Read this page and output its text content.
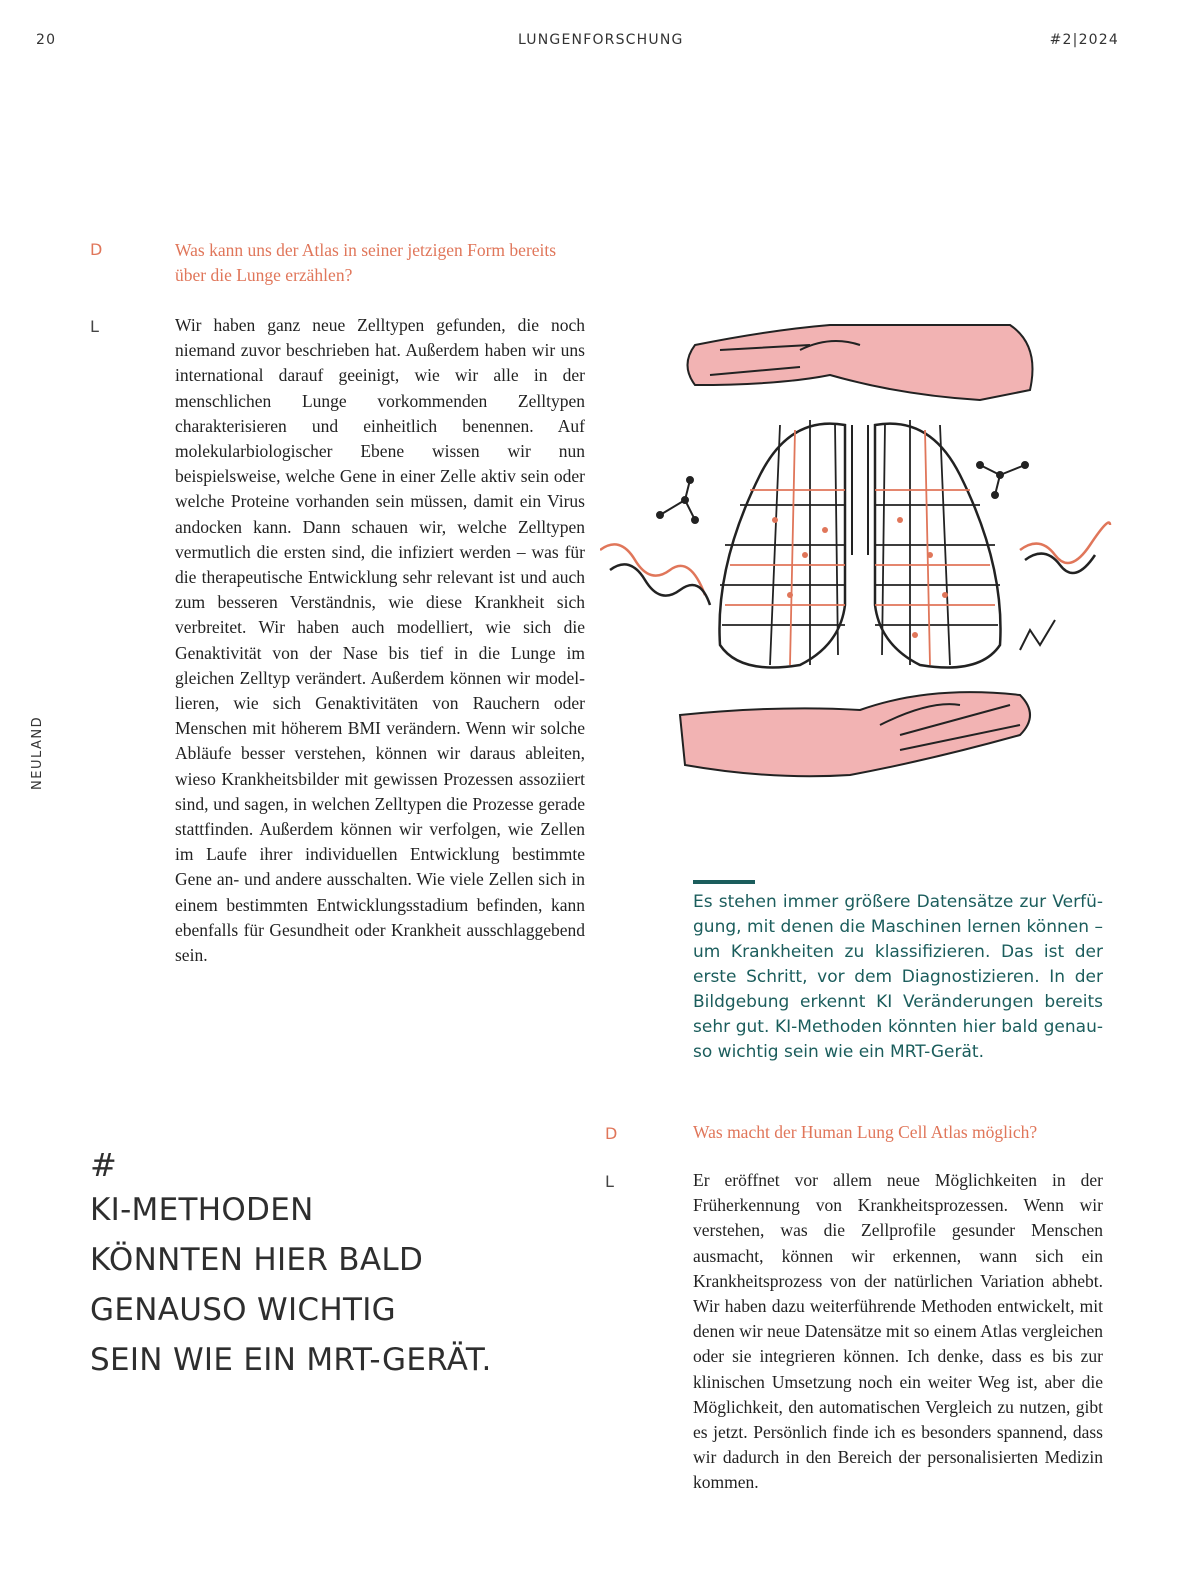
20	LUNGENFORSCHUNG	#2|2024
NEULAND
D	Was kann uns der Atlas in seiner jetzigen Form bereits über die Lunge erzählen?

L	Wir haben ganz neue Zelltypen gefunden, die noch niemand zuvor beschrieben hat. Außerdem haben wir uns international darauf geeinigt, wie wir alle in der menschlichen Lunge vorkommenden Zelltypen charakterisieren und einheitlich benennen. Auf molekularbiologischer Ebene wissen wir nun beispielsweise, welche Gene in einer Zelle aktiv sein oder welche Proteine vorhanden sein müssen, damit ein Virus andocken kann. Dann schauen wir, welche Zelltypen vermutlich die ersten sind, die infiziert werden – was für die therapeutische Entwicklung sehr relevant ist und auch zum besseren Verständnis, wie diese Krankheit sich verbreitet. Wir haben auch modelliert, wie sich die Genaktivität von der Nase bis tief in die Lunge im gleichen Zelltyp verändert. Außerdem können wir modellieren, wie sich Genaktivitäten von Rauchern oder Menschen mit höherem BMI verändern. Wenn wir solche Abläufe besser verstehen, können wir daraus ableiten, wieso Krankheitsbilder mit gewissen Prozessen assoziiert sind, und sagen, in welchen Zelltypen die Prozesse gerade stattfinden. Außerdem können wir verfolgen, wie Zellen im Laufe ihrer individuellen Entwicklung bestimmte Gene an- und andere ausschalten. Wie viele Zellen sich in einem bestimmten Entwicklungsstadium befinden, kann ebenfalls für Gesundheit oder Krankheit ausschlaggebend sein.

Es stehen immer größere Datensätze zur Verfügung, mit denen die Maschinen lernen können – um Krankheiten zu klassifizieren. Das ist der erste Schritt, vor dem Diagnostizieren. In der Bildgebung erkennt KI Veränderungen bereits sehr gut. KI-Methoden könnten hier bald genauso wichtig sein wie ein MRT-Gerät.

#
KI-METHODEN
KÖNNTEN HIER BALD
GENAUSO WICHTIG
SEIN WIE EIN MRT-GERÄT.
D	Was macht der Human Lung Cell Atlas möglich?

L	Er eröffnet vor allem neue Möglichkeiten in der Früherkennung von Krankheitsprozessen. Wenn wir verstehen, was die Zellprofile gesunder Menschen ausmacht, können wir erkennen, wann sich ein Krankheitsprozess von der natürlichen Variation abhebt. Wir haben dazu weiterführende Methoden entwickelt, mit denen wir neue Datensätze mit so einem Atlas vergleichen oder sie integrieren können. Ich denke, dass es bis zur klinischen Umsetzung noch ein weiter Weg ist, aber die Möglichkeit, den automatischen Vergleich zu nutzen, gibt es jetzt. Persönlich finde ich es besonders spannend, dass wir dadurch in den Bereich der personalisierten Medizin kommen.
